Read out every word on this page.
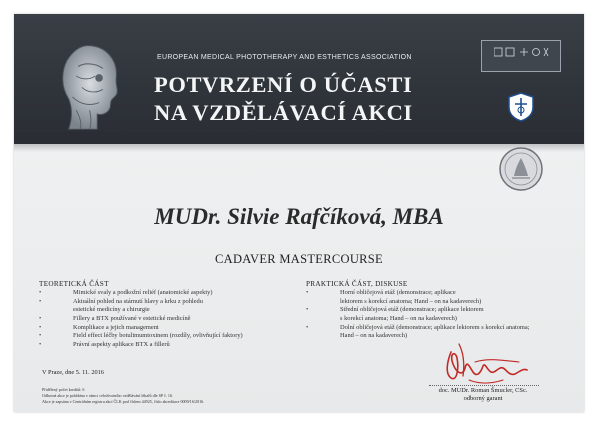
EUROPEAN MEDICAL PHOTOTHERAPY AND ESTHETICS ASSOCIATION
POTVRZENÍ O ÚČASTI
NA VZDĚLÁVACÍ AKCI
MUDr. Silvie Rafčíková, MBA
CADAVER MASTERCOURSE
TEORETICKÁ ČÁST
•	Mimické svaly a podkožní reliéf (anatomické aspekty)
•	Aktuální pohled na stárnutí hlavy a krku z pohledu
estetické medicíny a chirurgie
•	Fillery a BTX používané v estetické medicíně
•	Komplikace a jejich management
•	Field effect léčby botulimumtoxinem (rozdíly, ovlivňující faktory)
•	Právní aspekty aplikace BTX a fillerů
PRAKTICKÁ ČÁST, DISKUSE
•	Horní obličejová etáž (demonstrace; aplikace
lektorem s korekcí anatoma; Hand – on na kadaverech)
•	Střední obličejová etáž (demonstrace; aplikace lektorem
s korekcí anatoma; Hand – on na kadaverech)
•	Dolní obličejová etáž (demonstrace; aplikace lektorem s korekcí anatoma;
Hand – on na kadaverech)
V Praze, dne 5. 11. 2016
Přidělený počet kreditů: 6
Odborná akce je pořádána v rámci celoživotního vzdělávání lékařů dle SP č. 16.
Akce je zapsána v Centrálním registru akcí ČLK pod číslem 44925, číslo akreditace 0009/16/2016.
doc. MUDr. Roman Šmucler, CSc.
odborný garant
